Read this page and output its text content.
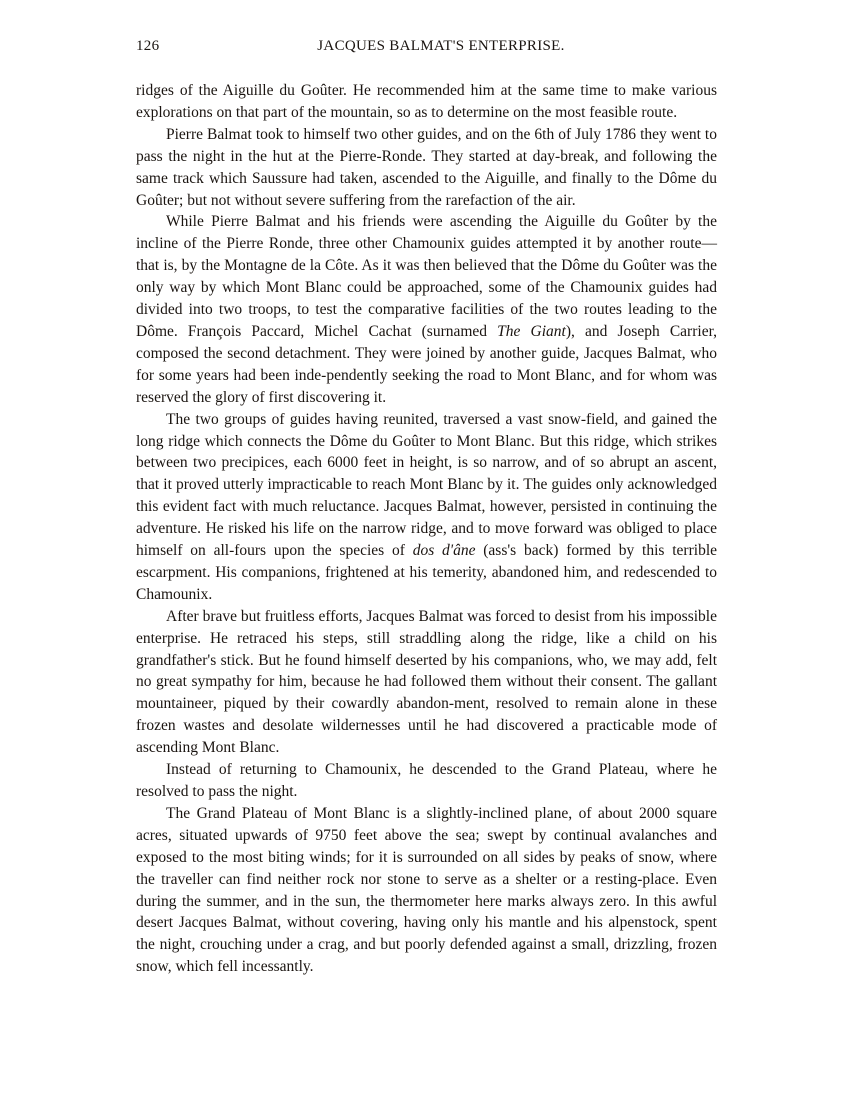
126	JACQUES BALMAT'S ENTERPRISE.

ridges of the Aiguille du Goûter. He recommended him at the same time to make various explorations on that part of the mountain, so as to determine on the most feasible route.

Pierre Balmat took to himself two other guides, and on the 6th of July 1786 they went to pass the night in the hut at the Pierre-Ronde. They started at day-break, and following the same track which Saussure had taken, ascended to the Aiguille, and finally to the Dôme du Goûter; but not without severe suffering from the rarefaction of the air.

While Pierre Balmat and his friends were ascending the Aiguille du Goûter by the incline of the Pierre Ronde, three other Chamounix guides attempted it by another route—that is, by the Montagne de la Côte. As it was then believed that the Dôme du Goûter was the only way by which Mont Blanc could be approached, some of the Chamounix guides had divided into two troops, to test the comparative facilities of the two routes leading to the Dôme. François Paccard, Michel Cachat (surnamed The Giant), and Joseph Carrier, composed the second detachment. They were joined by another guide, Jacques Balmat, who for some years had been inde-pendently seeking the road to Mont Blanc, and for whom was reserved the glory of first discovering it.

The two groups of guides having reunited, traversed a vast snow-field, and gained the long ridge which connects the Dôme du Goûter to Mont Blanc. But this ridge, which strikes between two precipices, each 6000 feet in height, is so narrow, and of so abrupt an ascent, that it proved utterly impracticable to reach Mont Blanc by it. The guides only acknowledged this evident fact with much reluctance. Jacques Balmat, however, persisted in continuing the adventure. He risked his life on the narrow ridge, and to move forward was obliged to place himself on all-fours upon the species of dos d'âne (ass's back) formed by this terrible escarpment. His companions, frightened at his temerity, abandoned him, and redescended to Chamounix.

After brave but fruitless efforts, Jacques Balmat was forced to desist from his impossible enterprise. He retraced his steps, still straddling along the ridge, like a child on his grandfather's stick. But he found himself deserted by his companions, who, we may add, felt no great sympathy for him, because he had followed them without their consent. The gallant mountaineer, piqued by their cowardly abandon-ment, resolved to remain alone in these frozen wastes and desolate wildernesses until he had discovered a practicable mode of ascending Mont Blanc.

Instead of returning to Chamounix, he descended to the Grand Plateau, where he resolved to pass the night.

The Grand Plateau of Mont Blanc is a slightly-inclined plane, of about 2000 square acres, situated upwards of 9750 feet above the sea; swept by continual avalanches and exposed to the most biting winds; for it is surrounded on all sides by peaks of snow, where the traveller can find neither rock nor stone to serve as a shelter or a resting-place. Even during the summer, and in the sun, the thermometer here marks always zero. In this awful desert Jacques Balmat, without covering, having only his mantle and his alpenstock, spent the night, crouching under a crag, and but poorly defended against a small, drizzling, frozen snow, which fell incessantly.
